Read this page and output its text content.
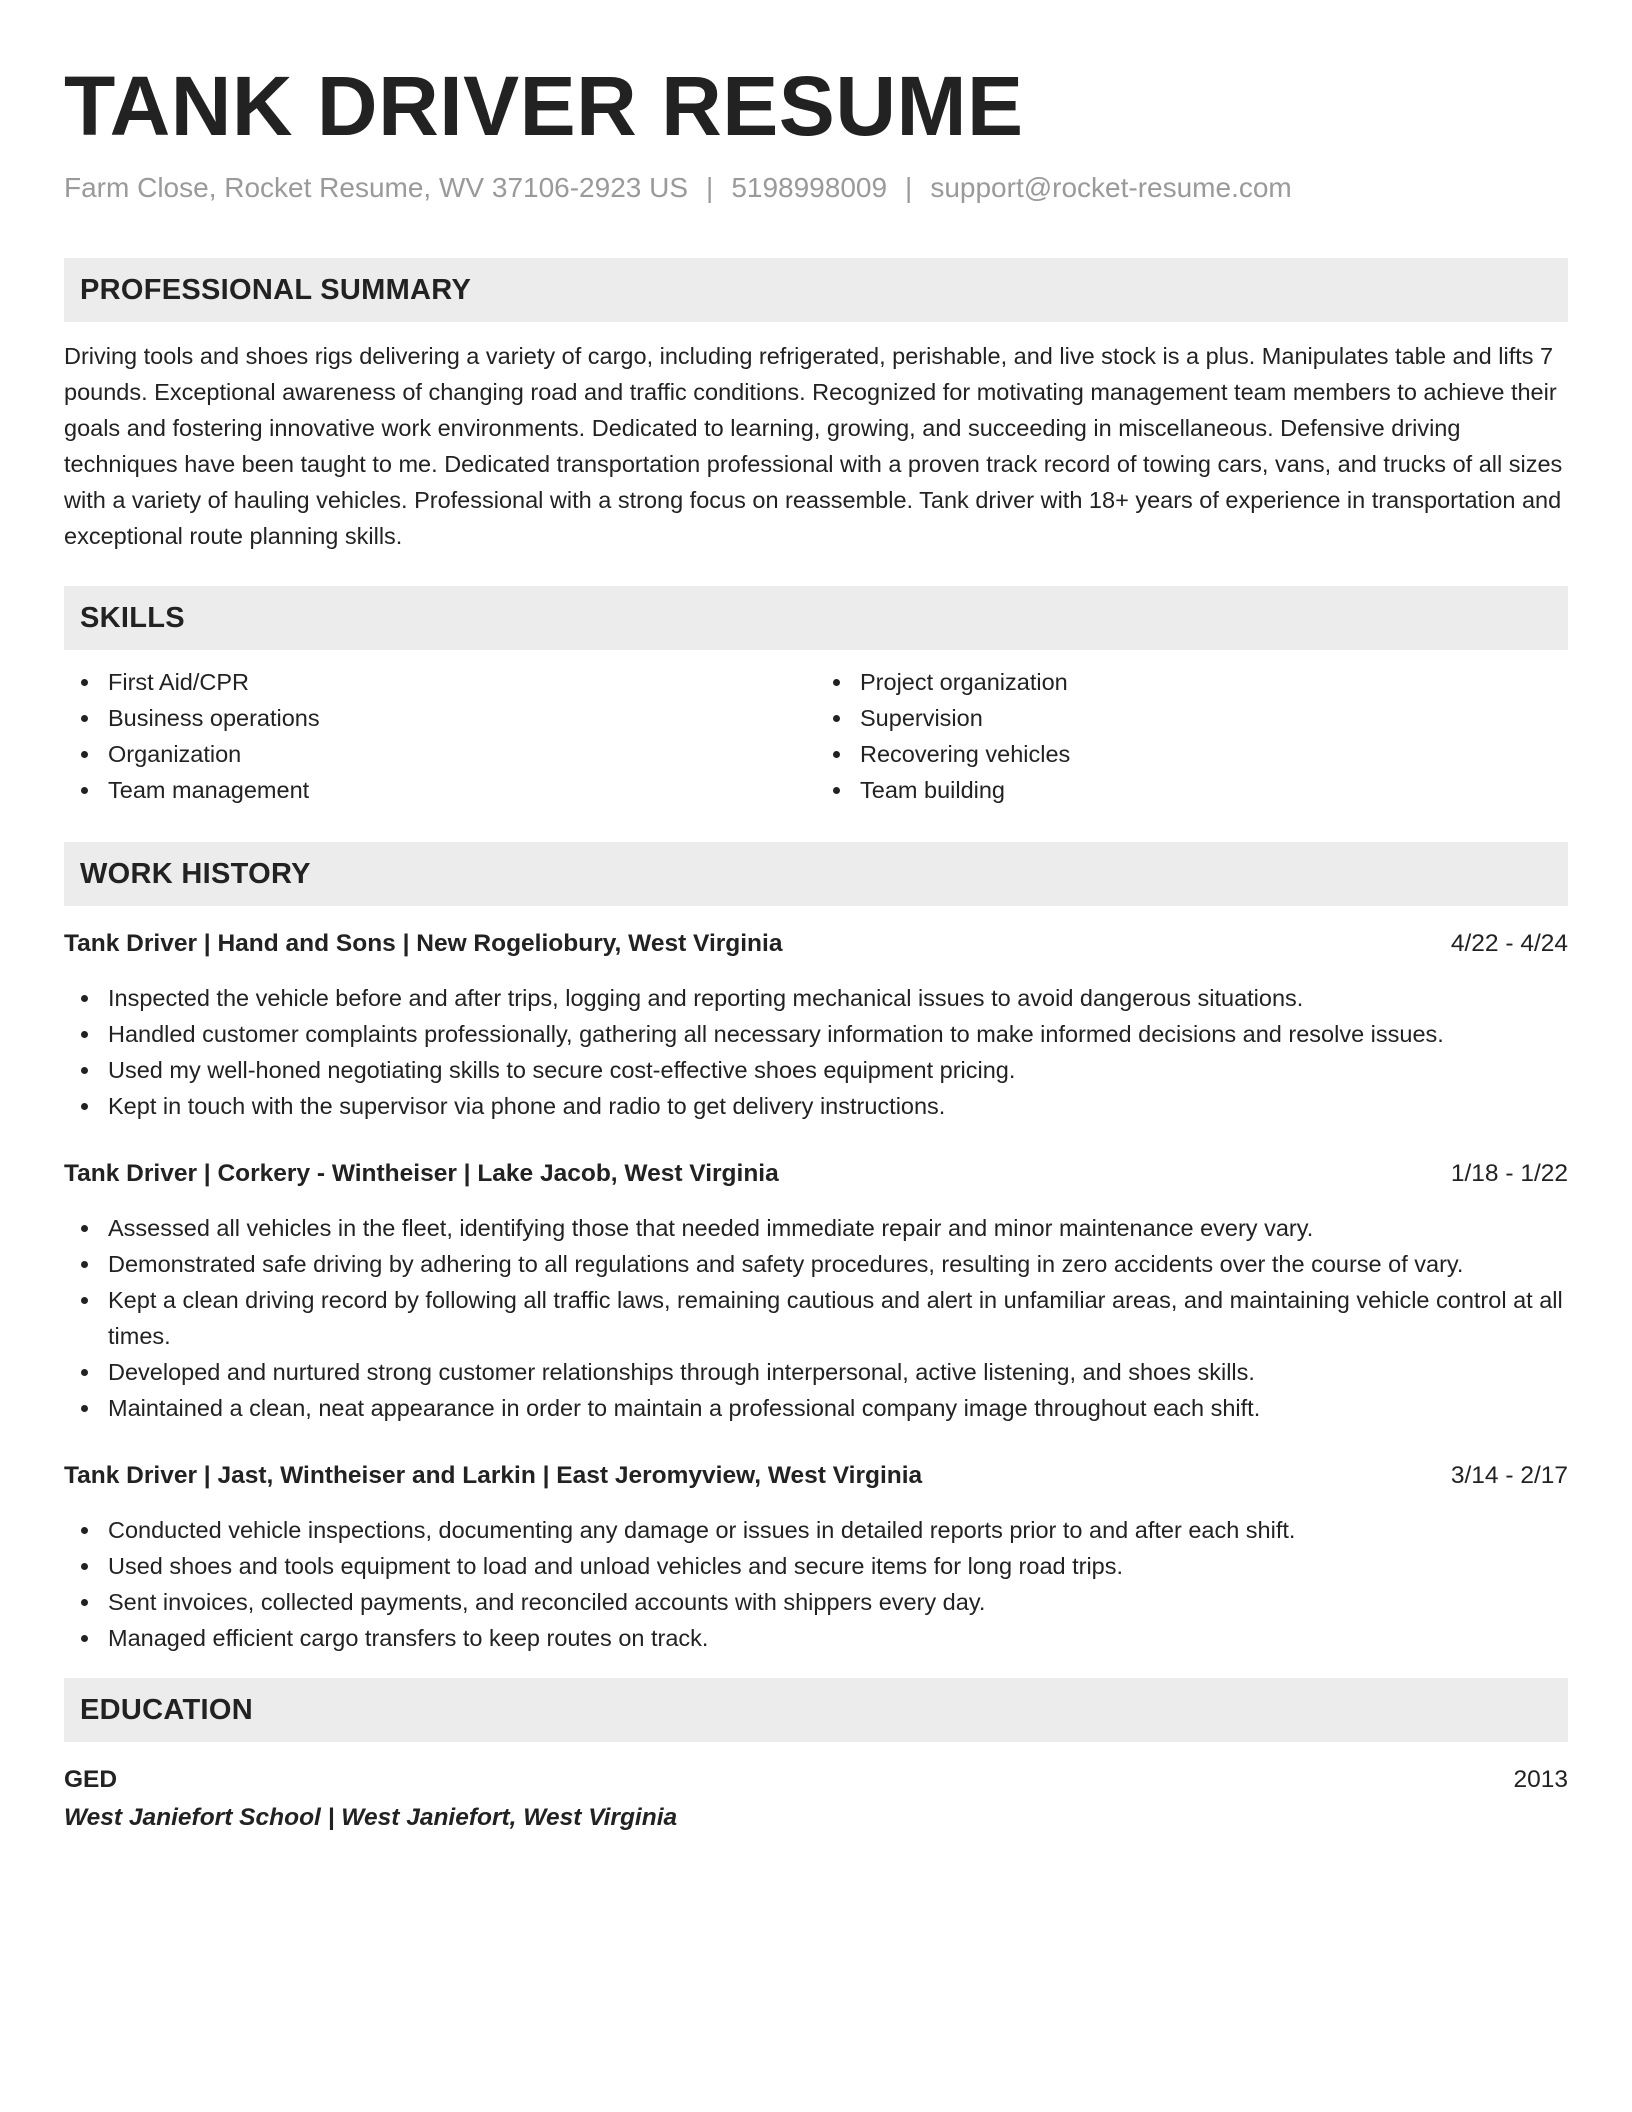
TANK DRIVER RESUME
Farm Close, Rocket Resume, WV 37106-2923 US | 5198998009 | support@rocket-resume.com
PROFESSIONAL SUMMARY

Driving tools and shoes rigs delivering a variety of cargo, including refrigerated, perishable, and live stock is a plus. Manipulates table and lifts 7 pounds. Exceptional awareness of changing road and traffic conditions. Recognized for motivating management team members to achieve their goals and fostering innovative work environments. Dedicated to learning, growing, and succeeding in miscellaneous. Defensive driving techniques have been taught to me. Dedicated transportation professional with a proven track record of towing cars, vans, and trucks of all sizes with a variety of hauling vehicles. Professional with a strong focus on reassemble. Tank driver with 18+ years of experience in transportation and exceptional route planning skills.

SKILLS
First Aid/CPR
Business operations
Organization
Team management
Project organization
Supervision
Recovering vehicles
Team building
WORK HISTORY
Tank Driver | Hand and Sons | New Rogeliobury, West Virginia	4/22 - 4/24
Inspected the vehicle before and after trips, logging and reporting mechanical issues to avoid dangerous situations.
Handled customer complaints professionally, gathering all necessary information to make informed decisions and resolve issues.
Used my well-honed negotiating skills to secure cost-effective shoes equipment pricing.
Kept in touch with the supervisor via phone and radio to get delivery instructions.
Tank Driver | Corkery - Wintheiser | Lake Jacob, West Virginia	1/18 - 1/22
Assessed all vehicles in the fleet, identifying those that needed immediate repair and minor maintenance every vary.
Demonstrated safe driving by adhering to all regulations and safety procedures, resulting in zero accidents over the course of vary.
Kept a clean driving record by following all traffic laws, remaining cautious and alert in unfamiliar areas, and maintaining vehicle control at all times.
Developed and nurtured strong customer relationships through interpersonal, active listening, and shoes skills.
Maintained a clean, neat appearance in order to maintain a professional company image throughout each shift.
Tank Driver | Jast, Wintheiser and Larkin | East Jeromyview, West Virginia	3/14 - 2/17
Conducted vehicle inspections, documenting any damage or issues in detailed reports prior to and after each shift.
Used shoes and tools equipment to load and unload vehicles and secure items for long road trips.
Sent invoices, collected payments, and reconciled accounts with shippers every day.
Managed efficient cargo transfers to keep routes on track.
EDUCATION
GED	2013
West Janiefort School | West Janiefort, West Virginia
